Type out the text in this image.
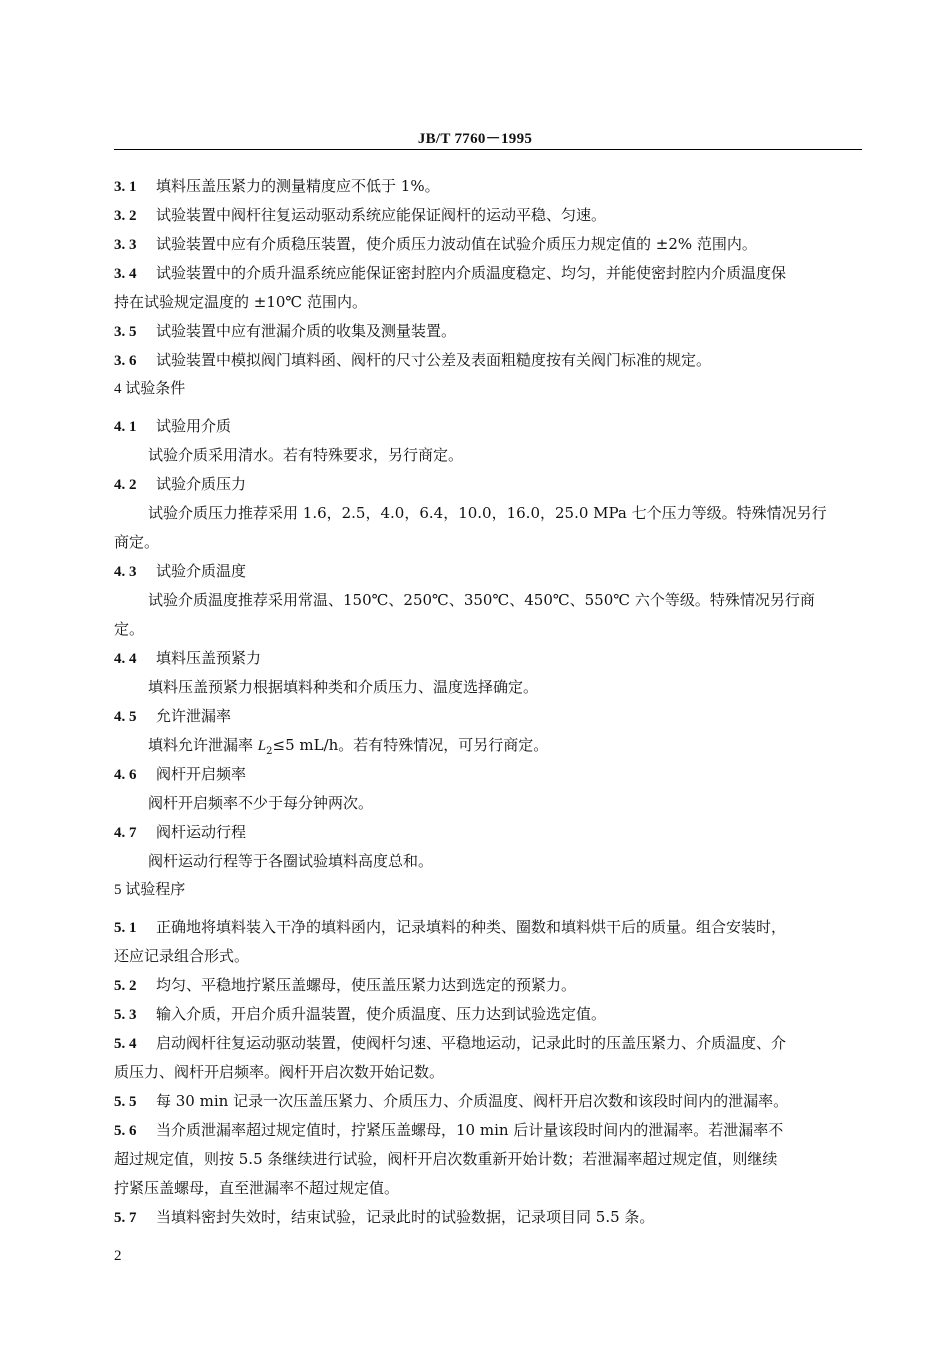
JB/T 7760－1995
3. 1 填料压盖压紧力的测量精度应不低于 1%。
3. 2 试验装置中阀杆往复运动驱动系统应能保证阀杆的运动平稳、匀速。
3. 3 试验装置中应有介质稳压装置，使介质压力波动值在试验介质压力规定值的 ±2% 范围内。
3. 4 试验装置中的介质升温系统应能保证密封腔内介质温度稳定、均匀，并能使密封腔内介质温度保
持在试验规定温度的 ±10℃ 范围内。
3. 5 试验装置中应有泄漏介质的收集及测量装置。
3. 6 试验装置中模拟阀门填料函、阀杆的尺寸公差及表面粗糙度按有关阀门标准的规定。
4 试验条件
4. 1 试验用介质
试验介质采用清水。若有特殊要求，另行商定。
4. 2 试验介质压力
试验介质压力推荐采用 1.6，2.5，4.0，6.4，10.0，16.0，25.0 MPa 七个压力等级。特殊情况另行
商定。
4. 3 试验介质温度
试验介质温度推荐采用常温、150℃、250℃、350℃、450℃、550℃ 六个等级。特殊情况另行商
定。
4. 4 填料压盖预紧力
填料压盖预紧力根据填料种类和介质压力、温度选择确定。
4. 5 允许泄漏率
填料允许泄漏率 $L_2\le 5$ mL/h。若有特殊情况，可另行商定。
4. 6 阀杆开启频率
阀杆开启频率不少于每分钟两次。
4. 7 阀杆运动行程
阀杆运动行程等于各圈试验填料高度总和。
5 试验程序
5. 1 正确地将填料装入干净的填料函内，记录填料的种类、圈数和填料烘干后的质量。组合安装时，
还应记录组合形式。
5. 2 均匀、平稳地拧紧压盖螺母，使压盖压紧力达到选定的预紧力。
5. 3 输入介质，开启介质升温装置，使介质温度、压力达到试验选定值。
5. 4 启动阀杆往复运动驱动装置，使阀杆匀速、平稳地运动，记录此时的压盖压紧力、介质温度、介
质压力、阀杆开启频率。阀杆开启次数开始记数。
5. 5 每 30 min 记录一次压盖压紧力、介质压力、介质温度、阀杆开启次数和该段时间内的泄漏率。
5. 6 当介质泄漏率超过规定值时，拧紧压盖螺母，10 min 后计量该段时间内的泄漏率。若泄漏率不
超过规定值，则按 5.5 条继续进行试验，阀杆开启次数重新开始计数；若泄漏率超过规定值，则继续
拧紧压盖螺母，直至泄漏率不超过规定值。
5. 7 当填料密封失效时，结束试验，记录此时的试验数据，记录项目同 5.5 条。
2
